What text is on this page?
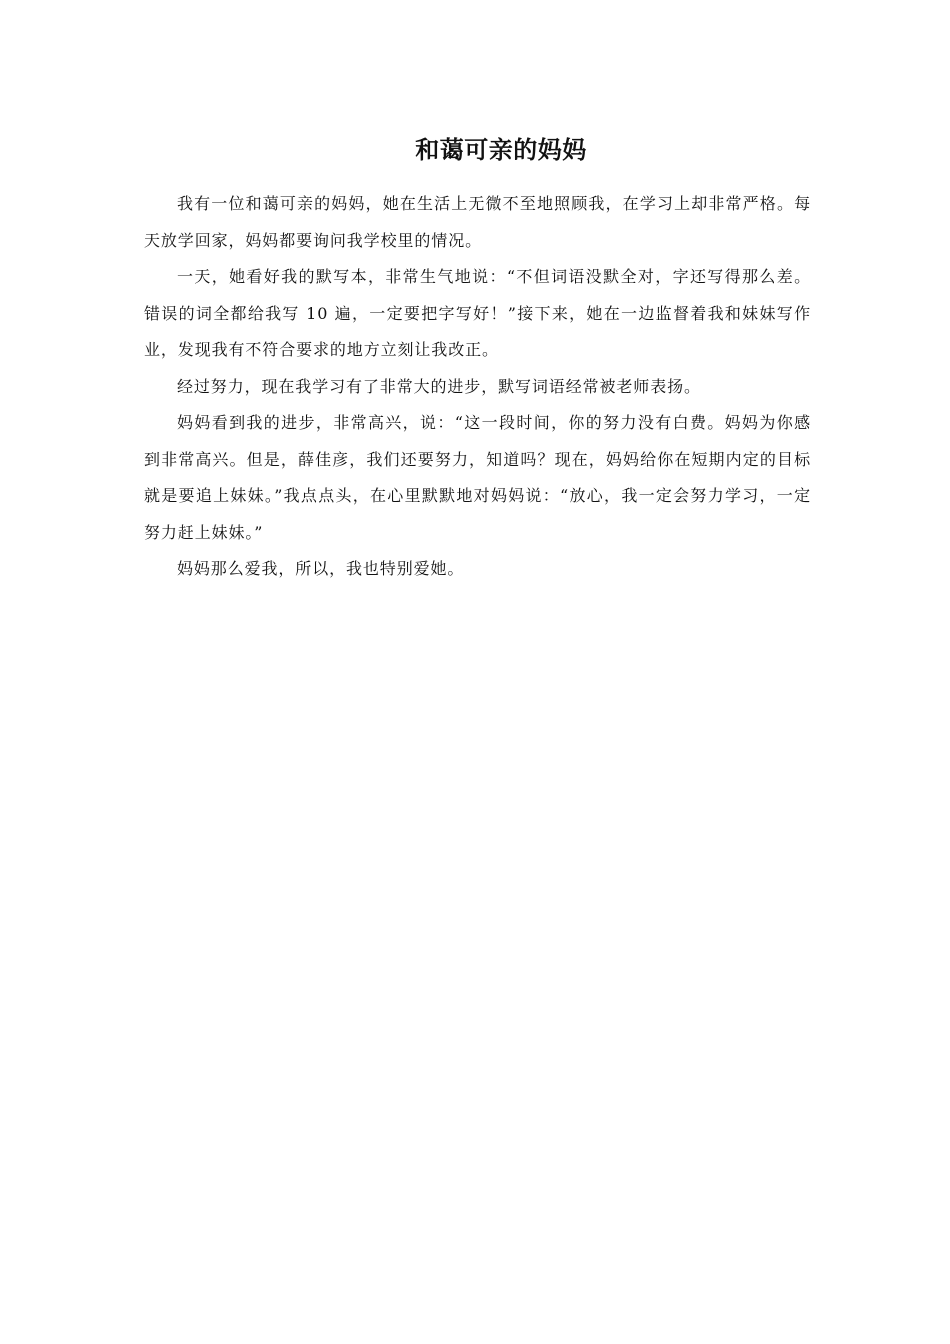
和蔼可亲的妈妈

我有一位和蔼可亲的妈妈，她在生活上无微不至地照顾我，在学习上却非常严格。每天放学回家，妈妈都要询问我学校里的情况。

一天，她看好我的默写本，非常生气地说：“不但词语没默全对，字还写得那么差。错误的词全都给我写 10 遍，一定要把字写好！”接下来，她在一边监督着我和妹妹写作业，发现我有不符合要求的地方立刻让我改正。

经过努力，现在我学习有了非常大的进步，默写词语经常被老师表扬。

妈妈看到我的进步，非常高兴，说：“这一段时间，你的努力没有白费。妈妈为你感到非常高兴。但是，薛佳彦，我们还要努力，知道吗？现在，妈妈给你在短期内定的目标就是要追上妹妹。”我点点头，在心里默默地对妈妈说：“放心，我一定会努力学习，一定努力赶上妹妹。”

妈妈那么爱我，所以，我也特别爱她。
